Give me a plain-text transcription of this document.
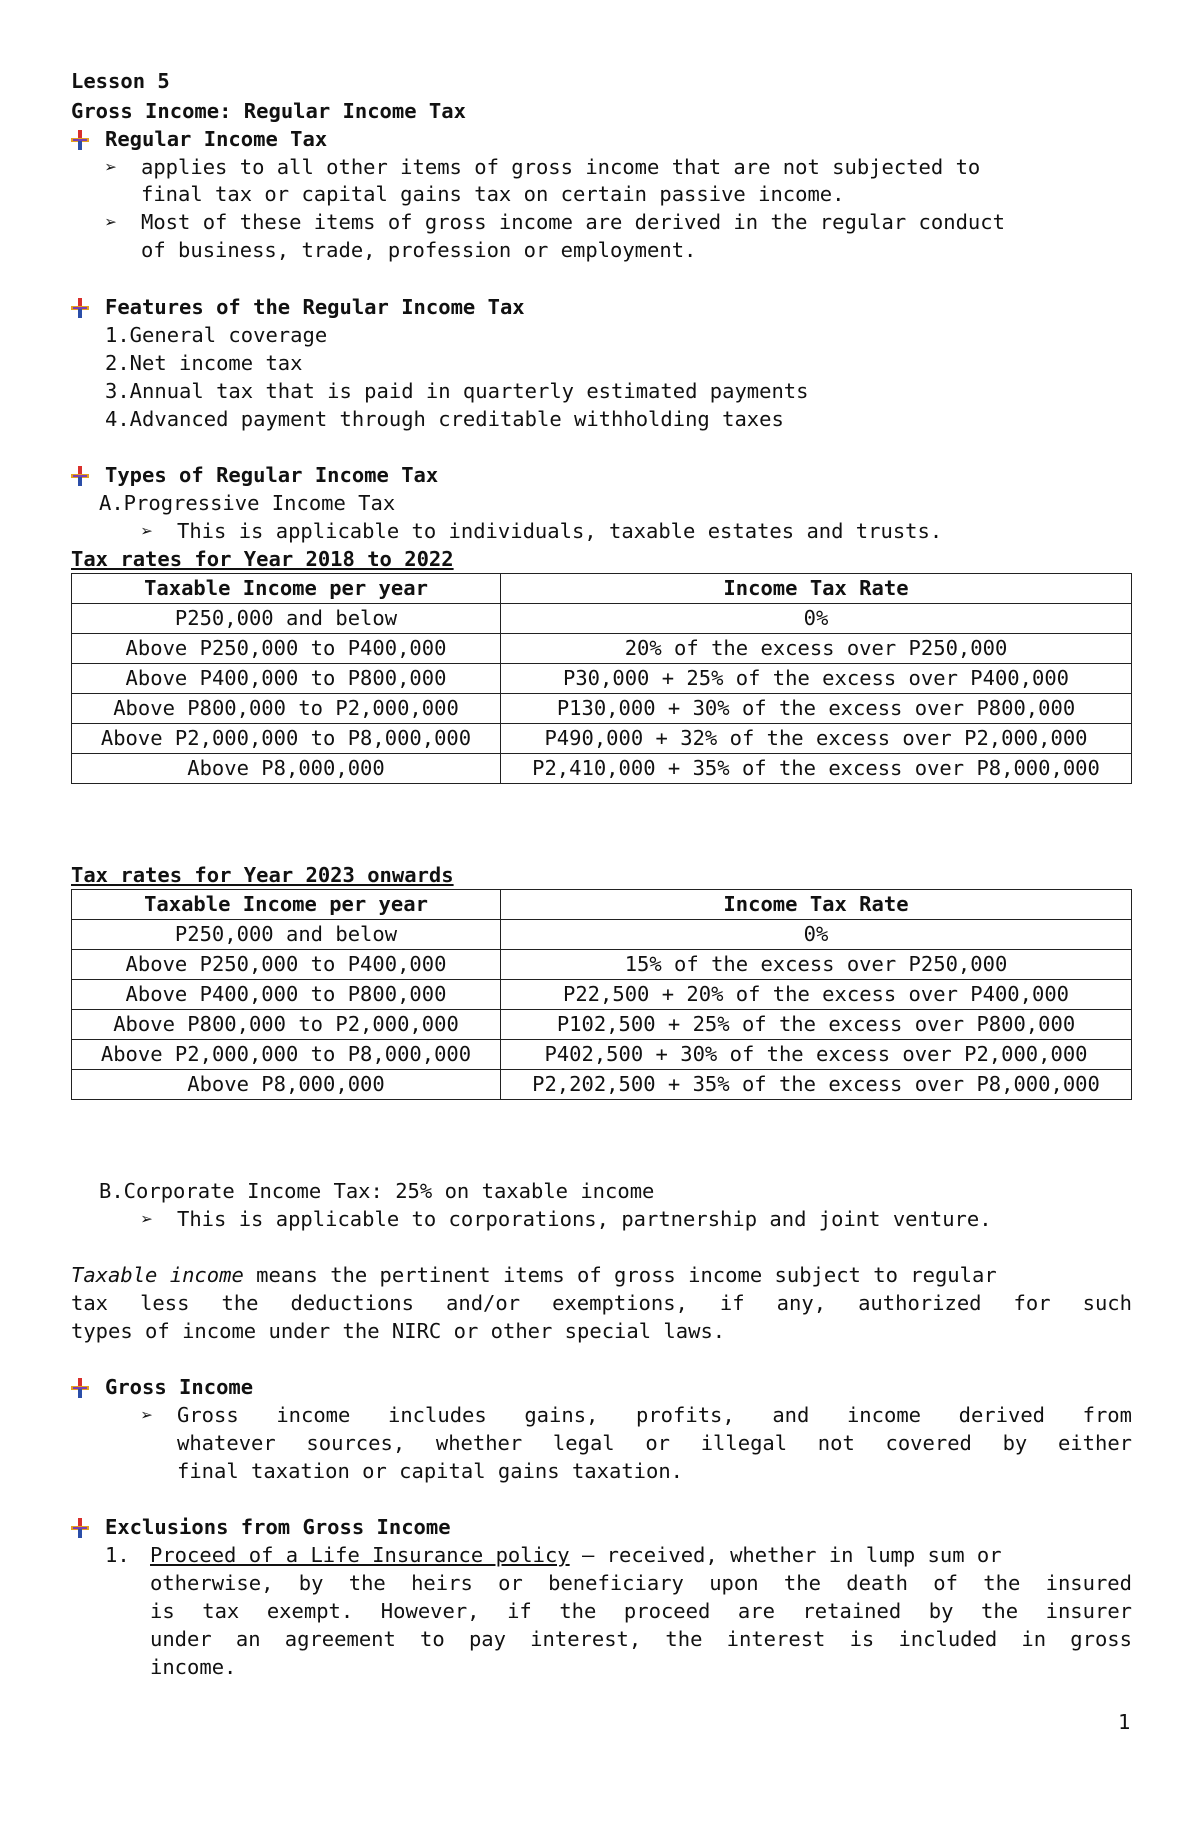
Lesson 5
Gross Income: Regular Income Tax
Regular Income Tax
➢ applies to all other items of gross income that are not subjected to
final tax or capital gains tax on certain passive income.
➢ Most of these items of gross income are derived in the regular conduct
of business, trade, profession or employment.
Features of the Regular Income Tax
1.General coverage
2.Net income tax
3.Annual tax that is paid in quarterly estimated payments
4.Advanced payment through creditable withholding taxes
Types of Regular Income Tax
A.Progressive Income Tax
➢ This is applicable to individuals, taxable estates and trusts.
Tax rates for Year 2018 to 2022
Taxable Income per year	Income Tax Rate
P250,000 and below	0%
Above P250,000 to P400,000	20% of the excess over P250,000
Above P400,000 to P800,000	P30,000 + 25% of the excess over P400,000
Above P800,000 to P2,000,000	P130,000 + 30% of the excess over P800,000
Above P2,000,000 to P8,000,000	P490,000 + 32% of the excess over P2,000,000
Above P8,000,000	P2,410,000 + 35% of the excess over P8,000,000
Tax rates for Year 2023 onwards
Taxable Income per year	Income Tax Rate
P250,000 and below	0%
Above P250,000 to P400,000	15% of the excess over P250,000
Above P400,000 to P800,000	P22,500 + 20% of the excess over P400,000
Above P800,000 to P2,000,000	P102,500 + 25% of the excess over P800,000
Above P2,000,000 to P8,000,000	P402,500 + 30% of the excess over P2,000,000
Above P8,000,000	P2,202,500 + 35% of the excess over P8,000,000
B.Corporate Income Tax: 25% on taxable income
➢ This is applicable to corporations, partnership and joint venture.
Taxable income means the pertinent items of gross income subject to regular
tax less the deductions and/or exemptions, if any, authorized for such
types of income under the NIRC or other special laws.
Gross Income
➢ Gross income includes gains, profits, and income derived from
whatever sources, whether legal or illegal not covered by either
final taxation or capital gains taxation.
Exclusions from Gross Income
1. Proceed of a Life Insurance policy – received, whether in lump sum or
otherwise, by the heirs or beneficiary upon the death of the insured
is tax exempt. However, if the proceed are retained by the insurer
under an agreement to pay interest, the interest is included in gross
income.
1
